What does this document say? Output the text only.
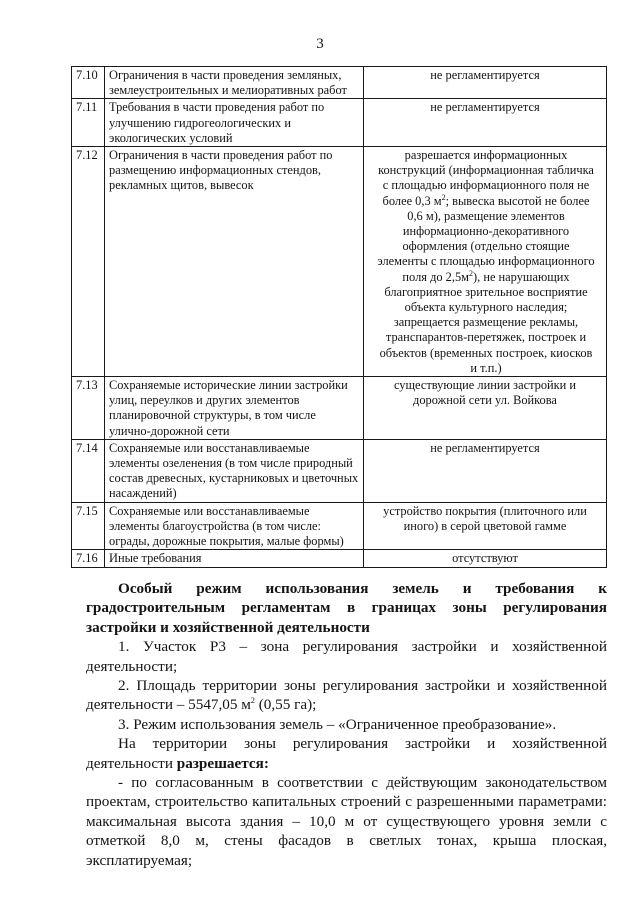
3
7.10	Ограничения в части проведения земляных, землеустроительных и мелиоративных работ	не регламентируется
7.11	Требования в части проведения работ по улучшению гидрогеологических и экологических условий	не регламентируется
7.12	Ограничения в части проведения работ по размещению информационных стендов, рекламных щитов, вывесок	разрешается информационных конструкций (информационная табличка с площадью информационного поля не более 0,3 $м^2$; вывеска высотой не более 0,6 м), размещение элементов информационно-декоративного оформления (отдельно стоящие элементы с площадью информационного поля до $2,5м^2$), не нарушающих благоприятное зрительное восприятие объекта культурного наследия;
запрещается размещение рекламы, транспарантов-перетяжек, построек и объектов (временных построек, киосков и т.п.)
7.13	Сохраняемые исторические линии застройки улиц, переулков и других элементов планировочной структуры, в том числе улично-дорожной сети	существующие линии застройки и дорожной сети ул. Войкова
7.14	Сохраняемые или восстанавливаемые элементы озеленения (в том числе природный состав древесных, кустарниковых и цветочных насаждений)	не регламентируется
7.15	Сохраняемые или восстанавливаемые элементы благоустройства (в том числе: ограды, дорожные покрытия, малые формы)	устройство покрытия (плиточного или иного) в серой цветовой гамме
7.16	Иные требования	отсутствуют

Особый режим использования земель и требования к градостроительным регламентам в границах зоны регулирования застройки и хозяйственной деятельности

1. Участок Р3 – зона регулирования застройки и хозяйственной деятельности;

2. Площадь территории зоны регулирования застройки и хозяйственной деятельности – 5547,05 $м^2$ (0,55 га);

3. Режим использования земель – «Ограниченное преобразование».

На территории зоны регулирования застройки и хозяйственной деятельности разрешается:

- по согласованным в соответствии с действующим законодательством проектам, строительство капитальных строений с разрешенными параметрами: максимальная высота здания – 10,0 м от существующего уровня земли с отметкой 8,0 м, стены фасадов в светлых тонах, крыша плоская, эксплатируемая;
